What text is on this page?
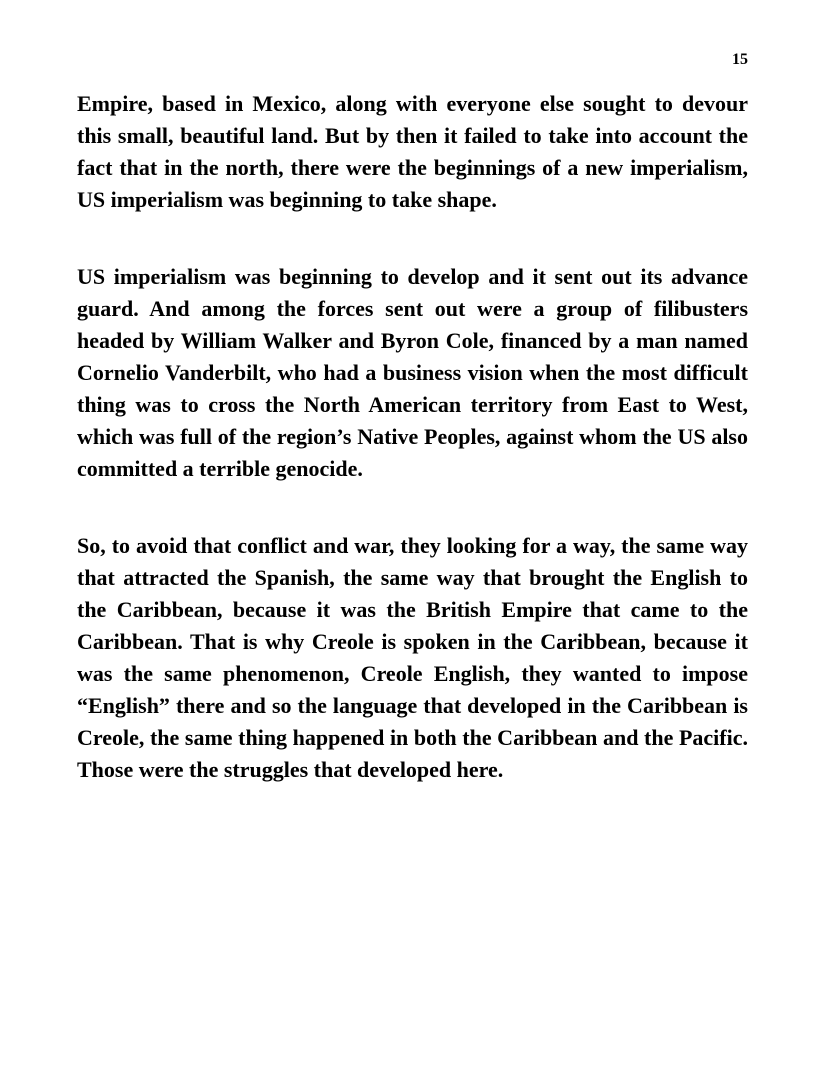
15

Empire, based in Mexico, along with everyone else sought to devour this small, beautiful land. But by then it failed to take into account the fact that in the north, there were the beginnings of a new imperialism, US imperialism was beginning to take shape.

US imperialism was beginning to develop and it sent out its advance guard. And among the forces sent out were a group of filibusters headed by William Walker and Byron Cole, financed by a man named Cornelio Vanderbilt, who had a business vision when the most difficult thing was to cross the North American territory from East to West, which was full of the region’s Native Peoples, against whom the US also committed a terrible genocide.

So, to avoid that conflict and war, they looking for a way, the same way that attracted the Spanish, the same way that brought the English to the Caribbean, because it was the British Empire that came to the Caribbean. That is why Creole is spoken in the Caribbean, because it was the same phenomenon, Creole English, they wanted to impose “English” there and so the language that developed in the Caribbean is Creole, the same thing happened in both the Caribbean and the Pacific. Those were the struggles that developed here.
